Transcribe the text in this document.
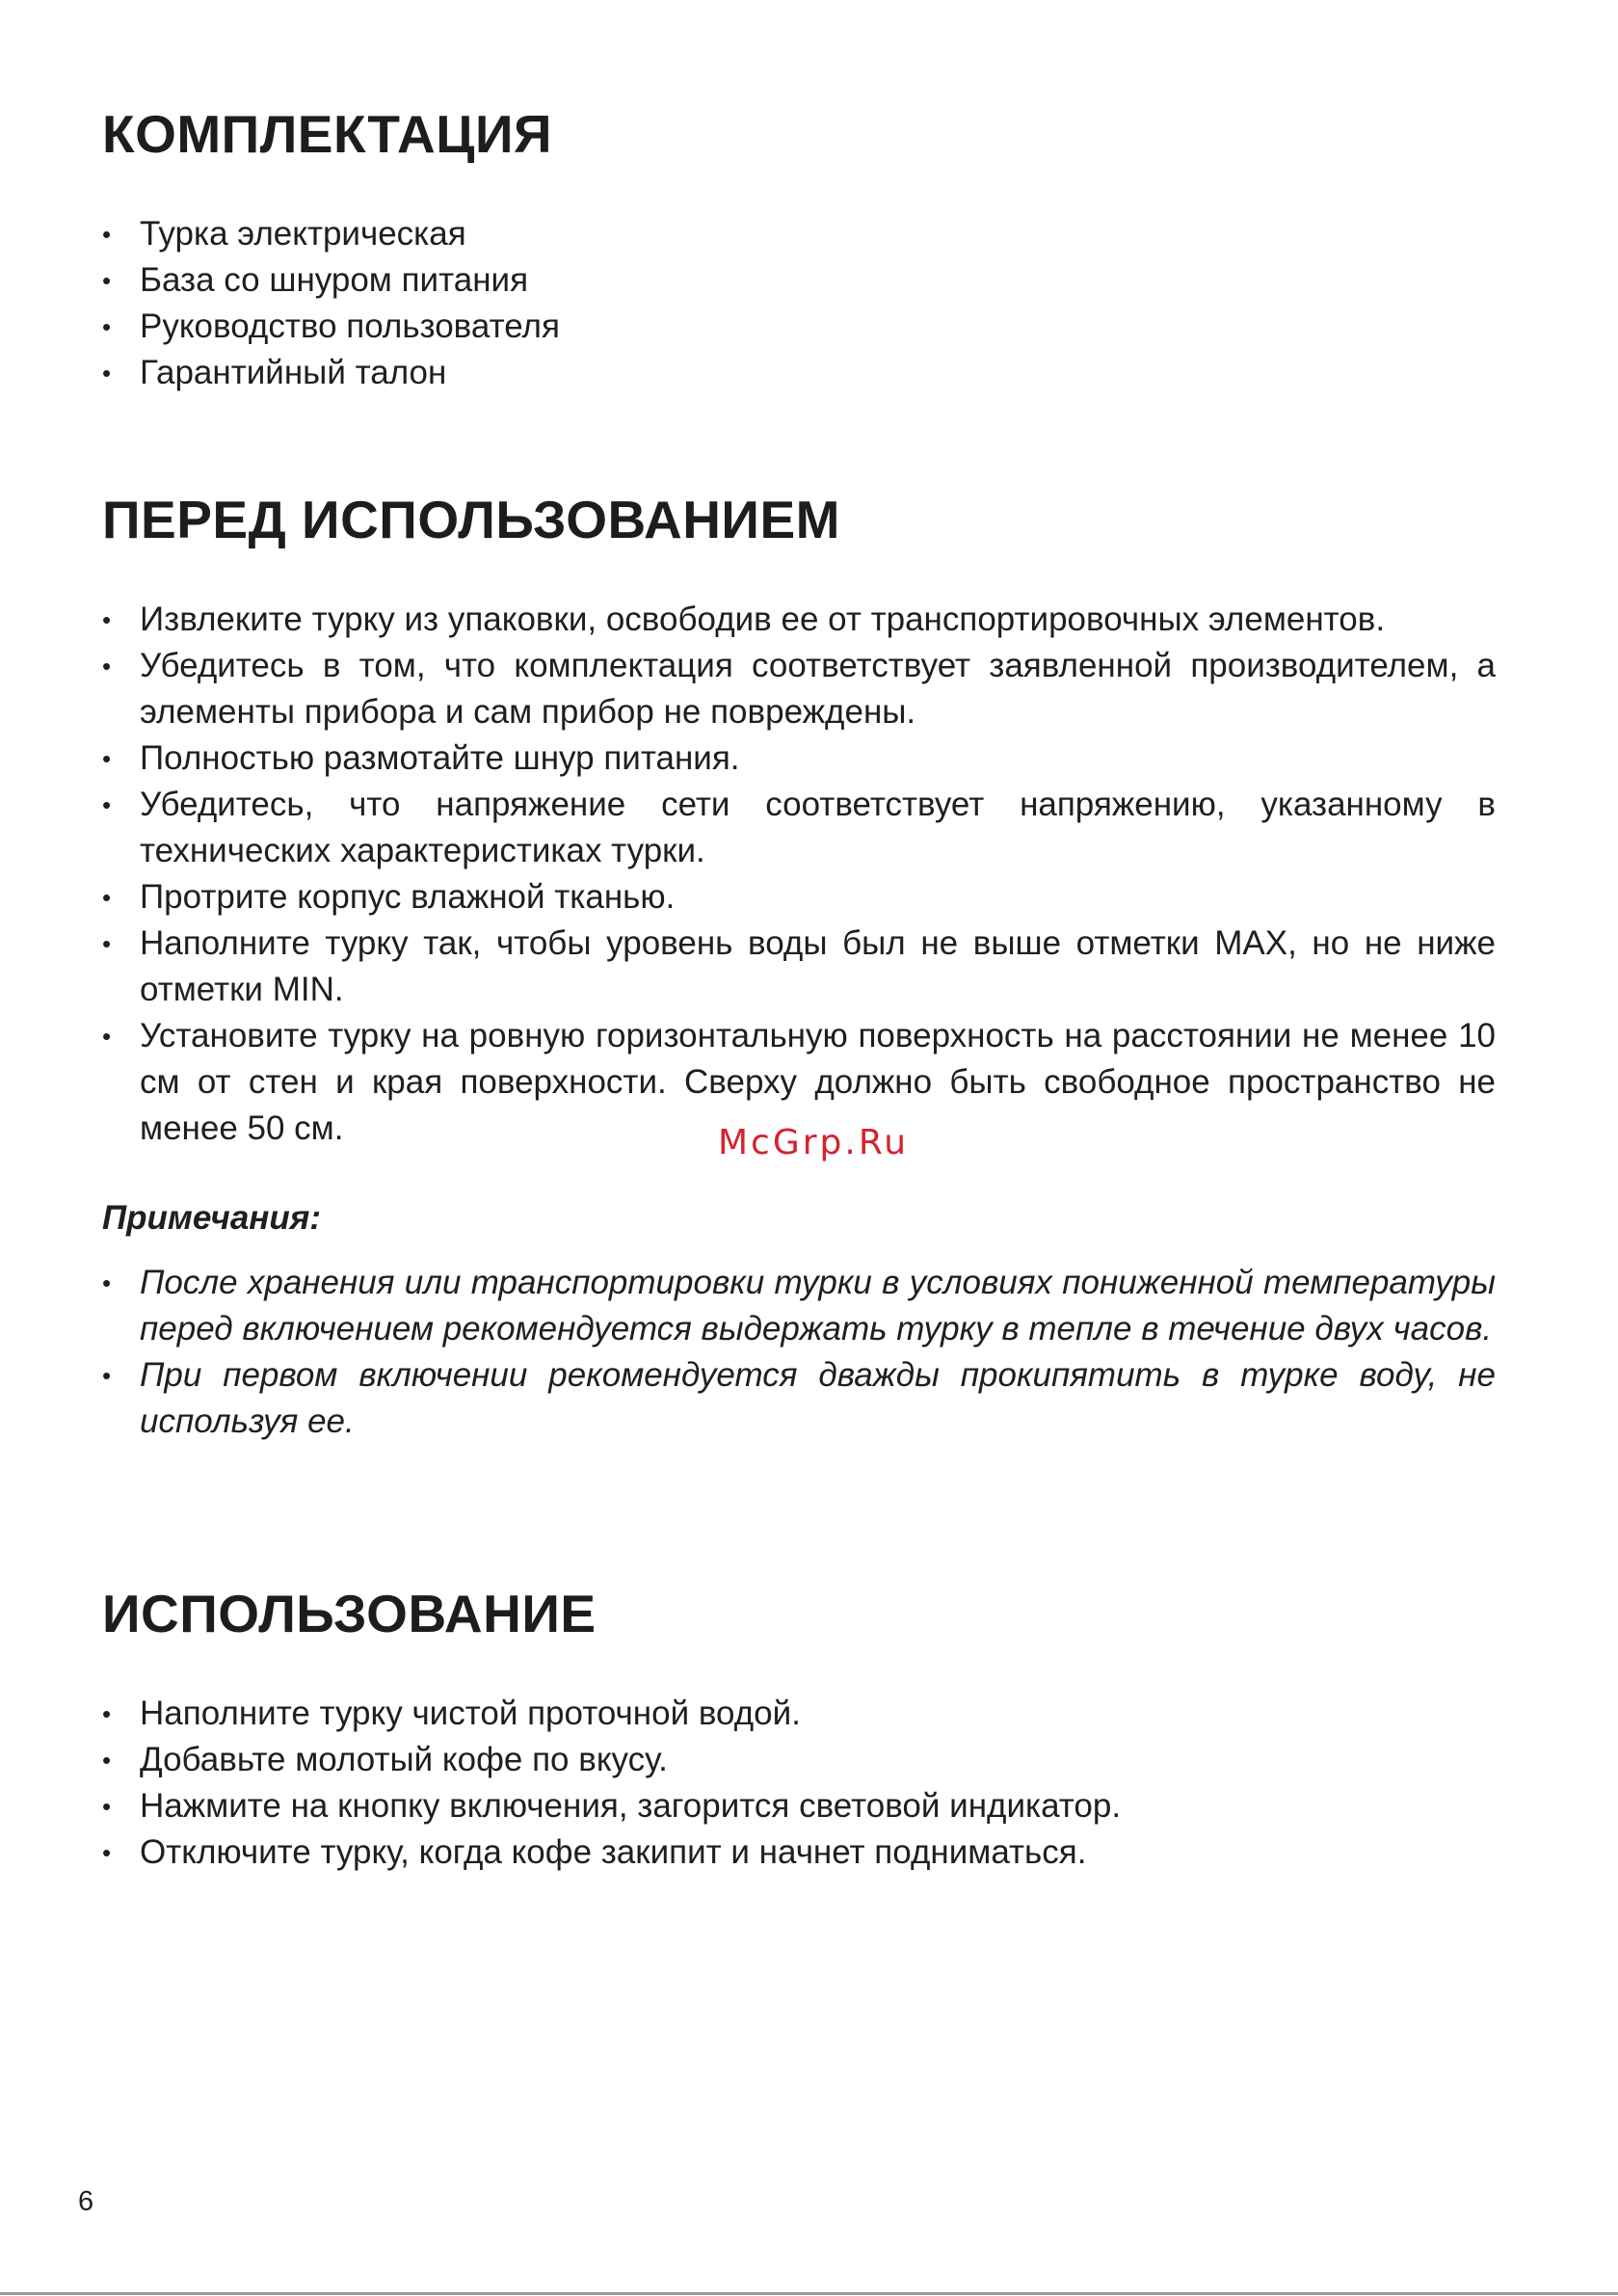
КОМПЛЕКТАЦИЯ
• Турка электрическая
• База со шнуром питания
• Руководство пользователя
• Гарантийный талон
ПЕРЕД ИСПОЛЬЗОВАНИЕМ
• Извлеките турку из упаковки, освободив ее от транспортировочных элементов.
• Убедитесь в том, что комплектация соответствует заявленной производителем, а элементы прибора и сам прибор не повреждены.
• Полностью размотайте шнур питания.
• Убедитесь, что напряжение сети соответствует напряжению, указанному в технических характеристиках турки.
• Протрите корпус влажной тканью.
• Наполните турку так, чтобы уровень воды был не выше отметки MAX, но не ниже отметки MIN.
• Установите турку на ровную горизонтальную поверхность на расстоянии не менее 10 см от стен и края поверхности. Сверху должно быть свободное пространство не менее 50 см.

Примечания:

• После хранения или транспортировки турки в условиях пониженной температуры перед включением рекомендуется выдержать турку в тепле в течение двух часов.
• При первом включении рекомендуется дважды прокипятить в турке воду, не используя ее.
ИСПОЛЬЗОВАНИЕ
• Наполните турку чистой проточной водой.
• Добавьте молотый кофе по вкусу.
• Нажмите на кнопку включения, загорится световой индикатор.
• Отключите турку, когда кофе закипит и начнет подниматься.
McGrp.Ru
6
